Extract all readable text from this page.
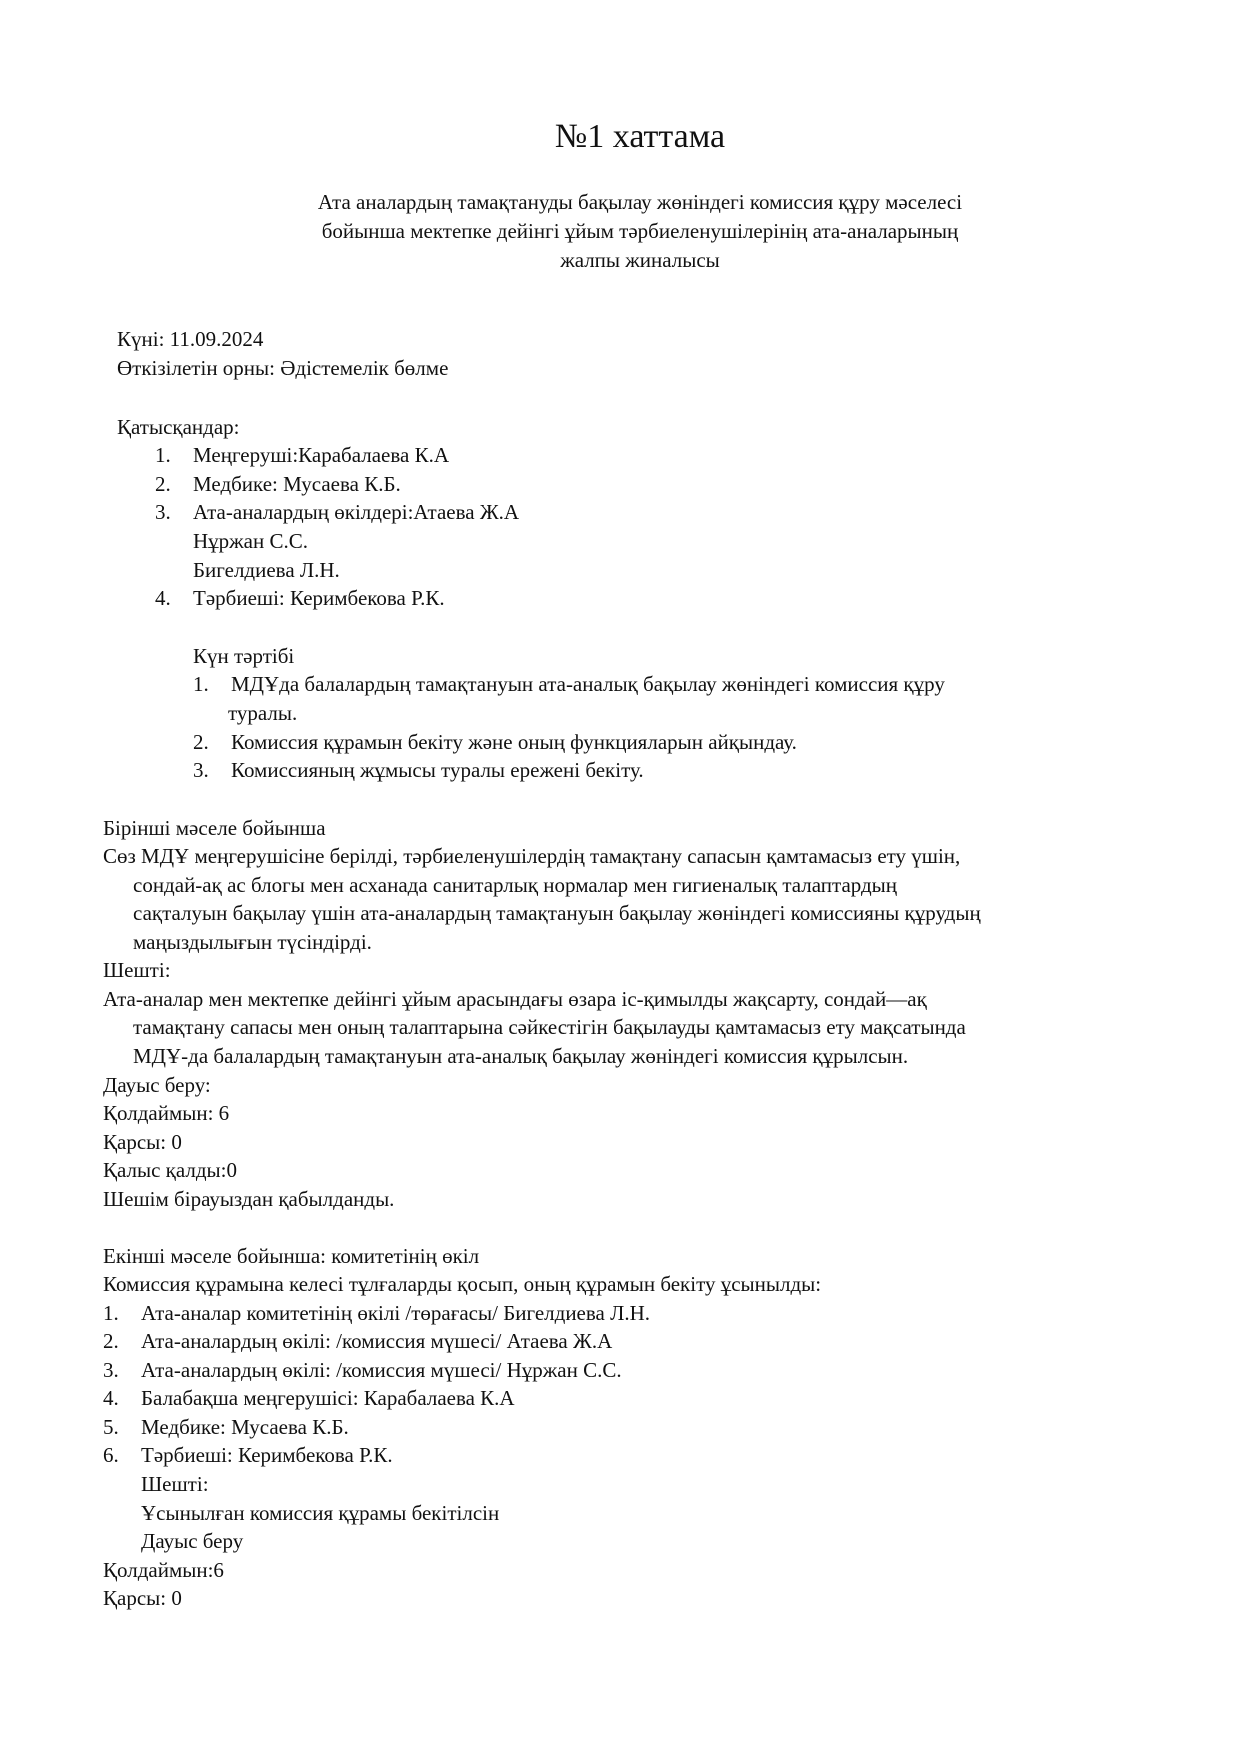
№1 хаттама
Ата аналардың тамақтануды бақылау жөніндегі комиссия құру мәселесі
бойынша мектепке дейінгі ұйым тәрбиеленушілерінің ата-аналарының
жалпы жиналысы
Күні: 11.09.2024
Өткізілетін орны: Әдістемелік бөлме
Қатысқандар:
1. Меңгеруші:Карабалаева К.А
2. Медбике: Мусаева К.Б.
3. Ата-аналардың өкілдері:Атаева Ж.А
Нұржан С.С.
Бигелдиева Л.Н.
4. Тәрбиеші: Керимбекова Р.К.
Күн тәртібі
1. МДҰда балалардың тамақтануын ата-аналық бақылау жөніндегі комиссия құру
туралы.
2. Комиссия құрамын бекіту және оның функцияларын айқындау.
3. Комиссияның жұмысы туралы ережені бекіту.
Бірінші мәселе бойынша
Сөз МДҰ меңгерушісіне берілді, тәрбиеленушілердің тамақтану сапасын қамтамасыз ету үшін,
сондай-ақ ас блогы мен асханада санитарлық нормалар мен гигиеналық талаптардың
сақталуын бақылау үшін ата-аналардың тамақтануын бақылау жөніндегі комиссияны құрудың
маңыздылығын түсіндірді.
Шешті:
Ата-аналар мен мектепке дейінгі ұйым арасындағы өзара іс-қимылды жақсарту, сондай—ақ
тамақтану сапасы мен оның талаптарына сәйкестігін бақылауды қамтамасыз ету мақсатында
МДҰ-да балалардың тамақтануын ата-аналық бақылау жөніндегі комиссия құрылсын.
Дауыс беру:
Қолдаймын: 6
Қарсы: 0
Қалыс қалды:0
Шешім бірауыздан қабылданды.
Екінші мәселе бойынша: комитетінің өкіл
Комиссия құрамына келесі тұлғаларды қосып, оның құрамын бекіту ұсынылды:
1. Ата-аналар комитетінің өкілі /төрағасы/ Бигелдиева Л.Н.
2. Ата-аналардың өкілі: /комиссия мүшесі/ Атаева Ж.А
3. Ата-аналардың өкілі: /комиссия мүшесі/ Нұржан С.С.
4. Балабақша меңгерушісі: Карабалаева К.А
5. Медбике: Мусаева К.Б.
6. Тәрбиеші: Керимбекова Р.К.
Шешті:
Ұсынылған комиссия құрамы бекітілсін
Дауыс беру
Қолдаймын:6
Қарсы: 0
